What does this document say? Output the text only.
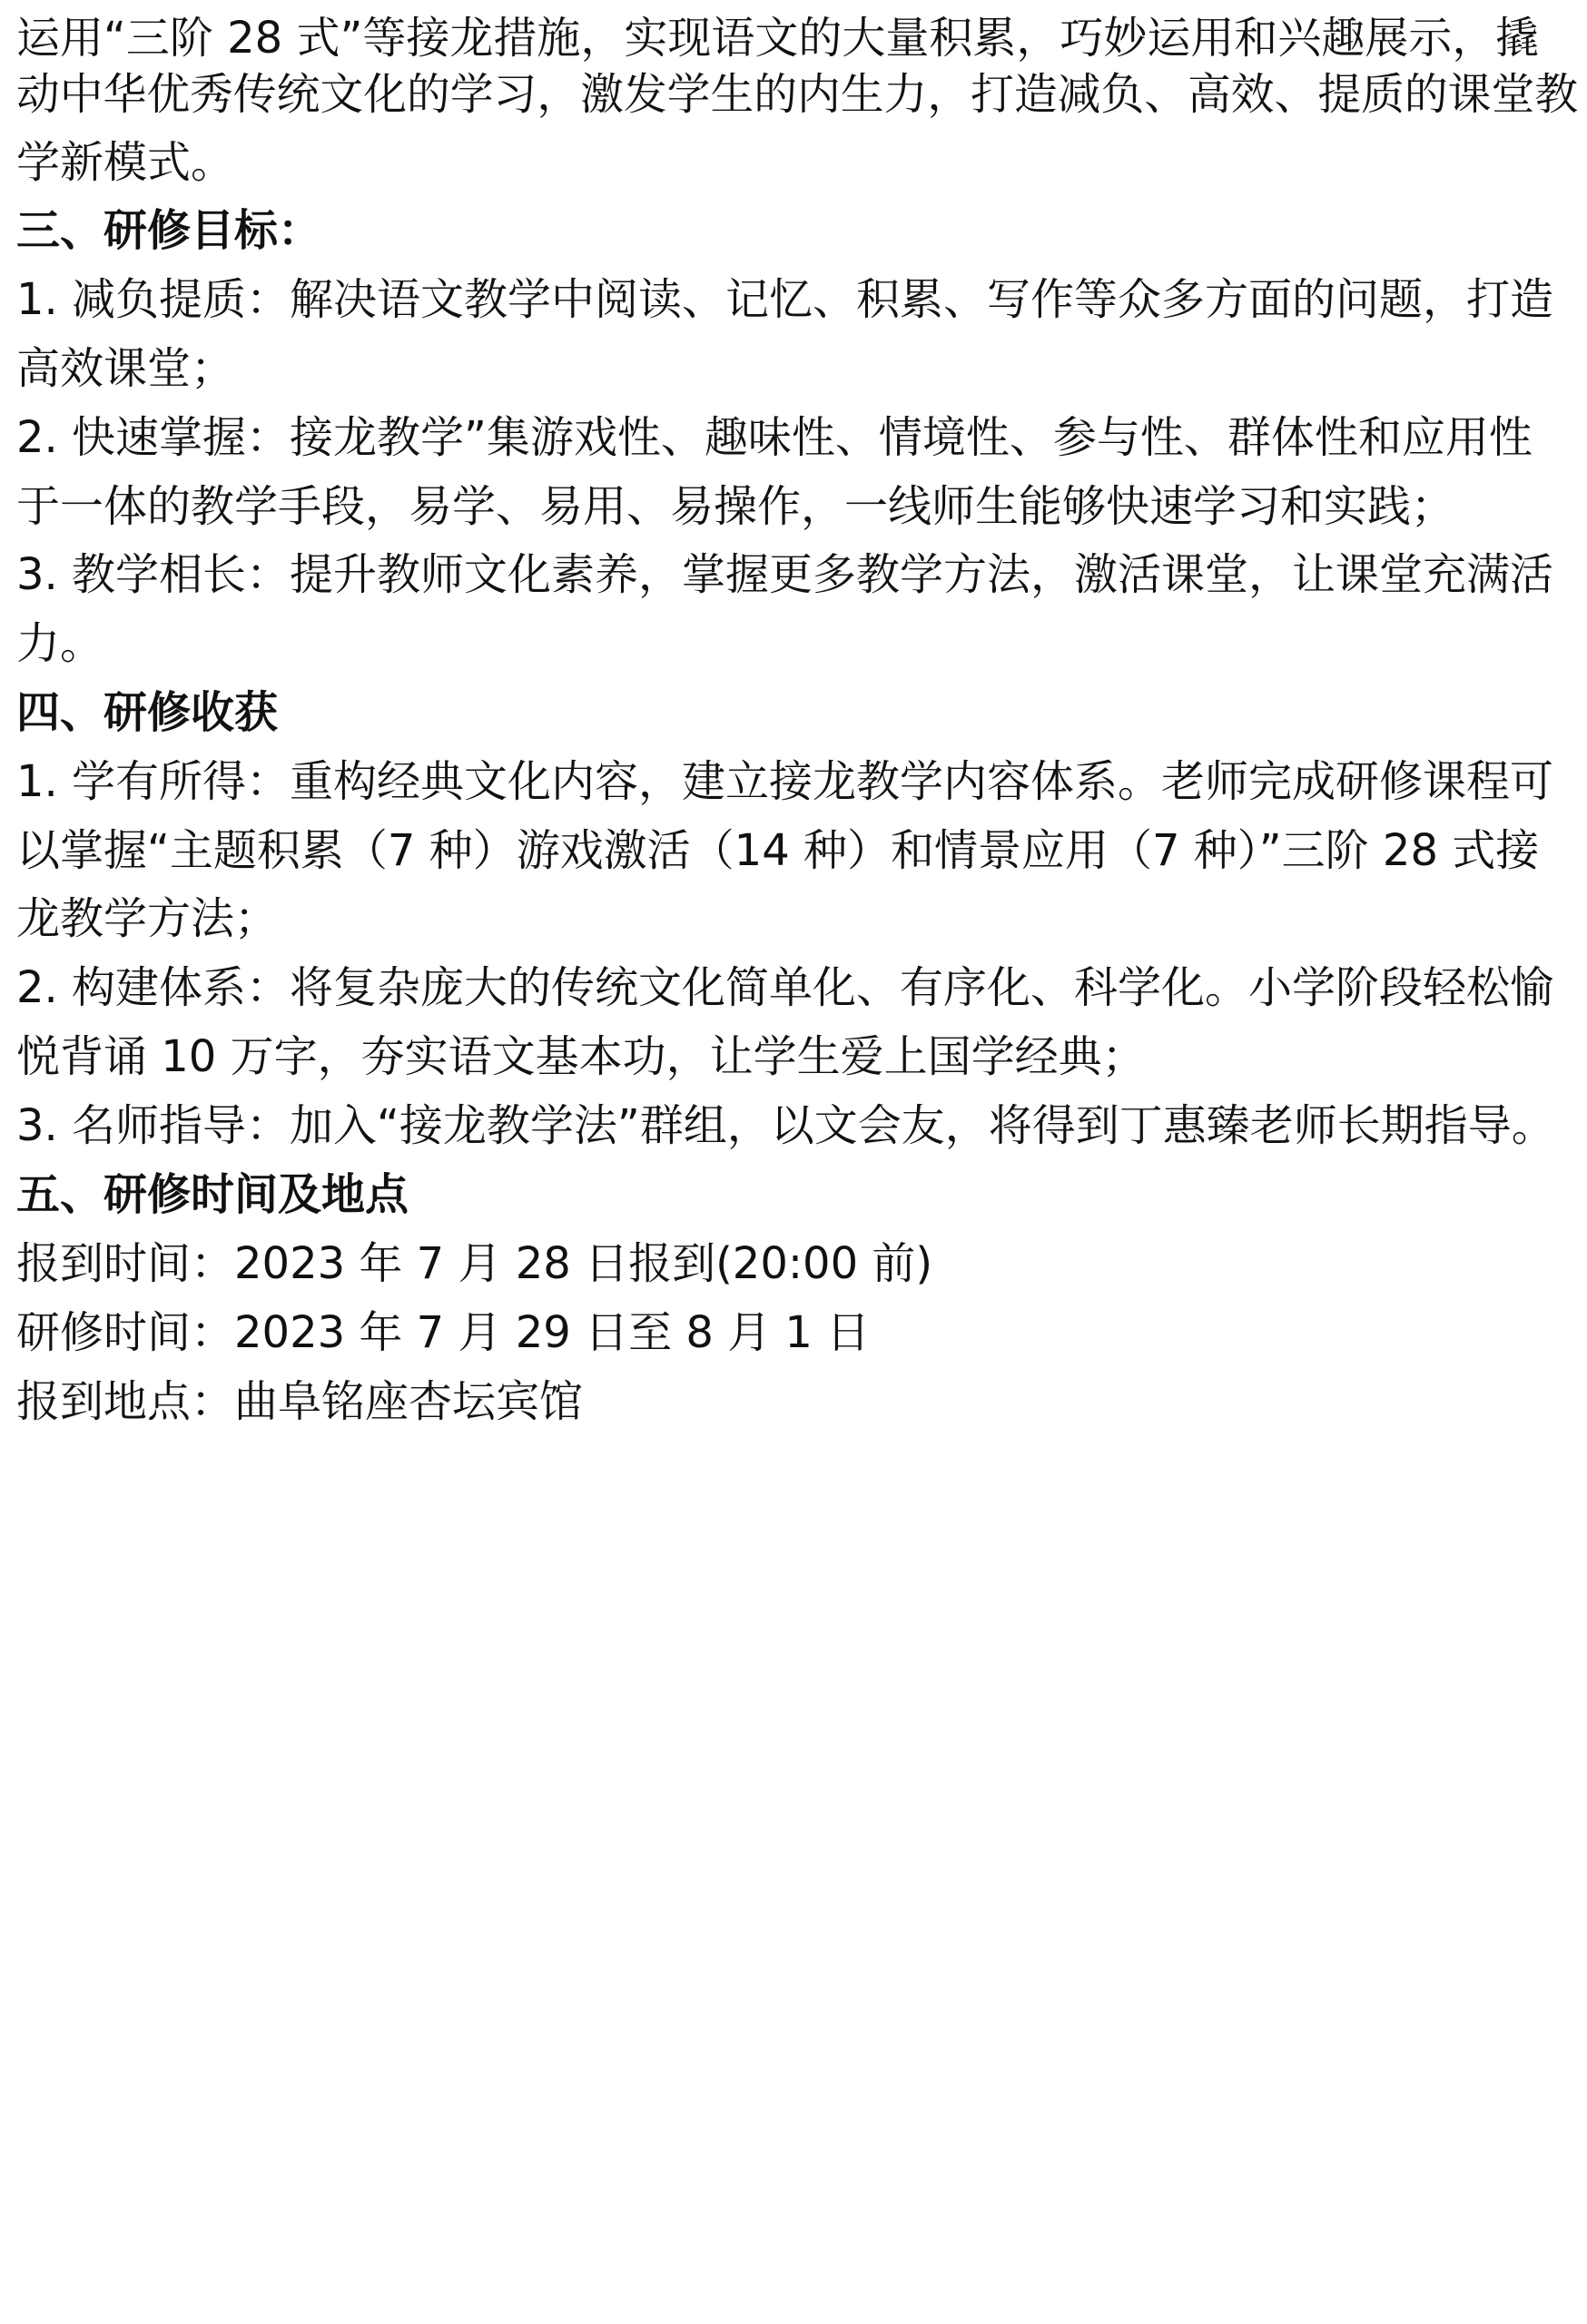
运用“三阶 28 式”等接龙措施，实现语文的大量积累，巧妙运用和兴趣展示，撬
动中华优秀传统文化的学习，激发学生的内生力，打造减负、高效、提质的课堂教
学新模式。
三、研修目标：
1. 减负提质：解决语文教学中阅读、记忆、积累、写作等众多方面的问题，打造
高效课堂；
2. 快速掌握：接龙教学”集游戏性、趣味性、情境性、参与性、群体性和应用性
于一体的教学手段，易学、易用、易操作，一线师生能够快速学习和实践；
3. 教学相长：提升教师文化素养，掌握更多教学方法，激活课堂，让课堂充满活
力。
四、研修收获
1. 学有所得：重构经典文化内容，建立接龙教学内容体系。老师完成研修课程可
以掌握“主题积累（7 种）游戏激活（14 种）和情景应用（7 种）”三阶 28 式接
龙教学方法；
2. 构建体系：将复杂庞大的传统文化简单化、有序化、科学化。小学阶段轻松愉
悦背诵 10 万字，夯实语文基本功，让学生爱上国学经典；
3. 名师指导：加入“接龙教学法”群组，以文会友，将得到丁惠臻老师长期指导。
五、研修时间及地点
报到时间：2023 年 7 月 28 日报到(20:00 前)
研修时间：2023 年 7 月 29 日至 8 月 1 日
报到地点：曲阜铭座杏坛宾馆
